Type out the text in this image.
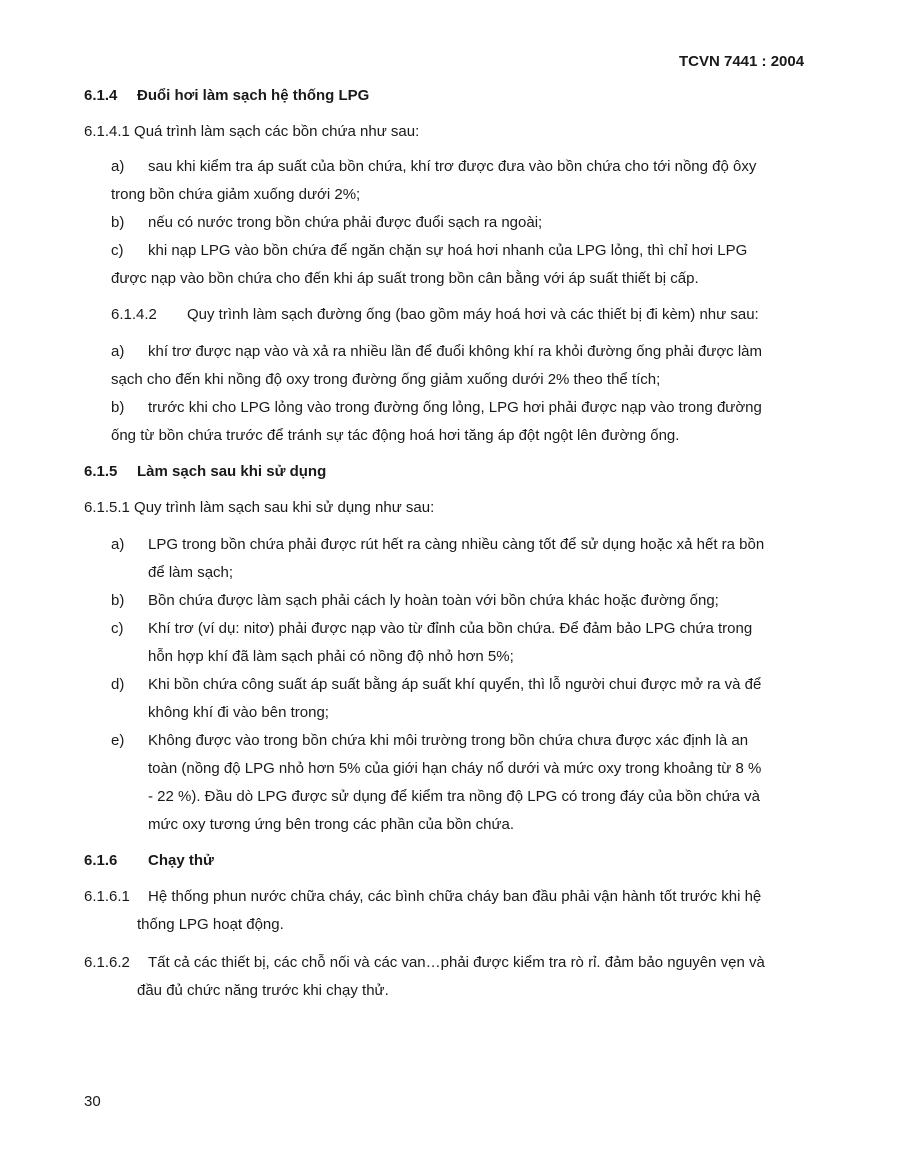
TCVN 7441 : 2004
6.1.4 Đuổi hơi làm sạch hệ thống LPG
6.1.4.1 Quá trình làm sạch các bồn chứa như sau:
a) sau khi kiểm tra áp suất của bồn chứa, khí trơ được đưa vào bồn chứa cho tới nồng độ ôxy
trong bồn chứa giảm xuống dưới 2%;
b) nếu có nước trong bồn chứa phải được đuổi sạch ra ngoài;
c) khi nạp LPG vào bồn chứa để ngăn chặn sự hoá hơi nhanh của LPG lỏng, thì chỉ hơi LPG
được nạp vào bồn chứa cho đến khi áp suất trong bồn cân bằng với áp suất thiết bị cấp.
6.1.4.2 Quy trình làm sạch đường ống (bao gồm máy hoá hơi và các thiết bị đi kèm) như sau:
a) khí trơ được nạp vào và xả ra nhiều lần để đuổi không khí ra khỏi đường ống phải được làm
sạch cho đến khi nồng độ oxy trong đường ống giảm xuống dưới 2% theo thể tích;
b) trước khi cho LPG lỏng vào trong đường ống lỏng, LPG hơi phải được nạp vào trong đường
ống từ bồn chứa trước để tránh sự tác động hoá hơi tăng áp đột ngột lên đường ống.
6.1.5 Làm sạch sau khi sử dụng
6.1.5.1 Quy trình làm sạch sau khi sử dụng như sau:
a) LPG trong bồn chứa phải được rút hết ra càng nhiều càng tốt để sử dụng hoặc xả hết ra bồn
để làm sạch;
b) Bồn chứa được làm sạch phải cách ly hoàn toàn với bồn chứa khác hoặc đường ống;
c) Khí trơ (ví dụ: nitơ) phải được nạp vào từ đỉnh của bồn chứa. Để đảm bảo LPG chứa trong
hỗn hợp khí đã làm sạch phải có nồng độ nhỏ hơn 5%;
d) Khi bồn chứa công suất áp suất bằng áp suất khí quyển, thì lỗ người chui được mở ra và để
không khí đi vào bên trong;
e) Không được vào trong bồn chứa khi môi trường trong bồn chứa chưa được xác định là an
toàn (nồng độ LPG nhỏ hơn 5% của giới hạn cháy nổ dưới và mức oxy trong khoảng từ 8 %
- 22 %). Đầu dò LPG được sử dụng để kiểm tra nồng độ LPG có trong đáy của bồn chứa và
mức oxy tương ứng bên trong các phần của bồn chứa.
6.1.6 Chạy thử
6.1.6.1 Hệ thống phun nước chữa cháy, các bình chữa cháy ban đầu phải vận hành tốt trước khi hệ
thống LPG hoạt động.
6.1.6.2 Tất cả các thiết bị, các chỗ nối và các van…phải được kiểm tra rò rỉ. đảm bảo nguyên vẹn và
đầu đủ chức năng trước khi chạy thử.
30
